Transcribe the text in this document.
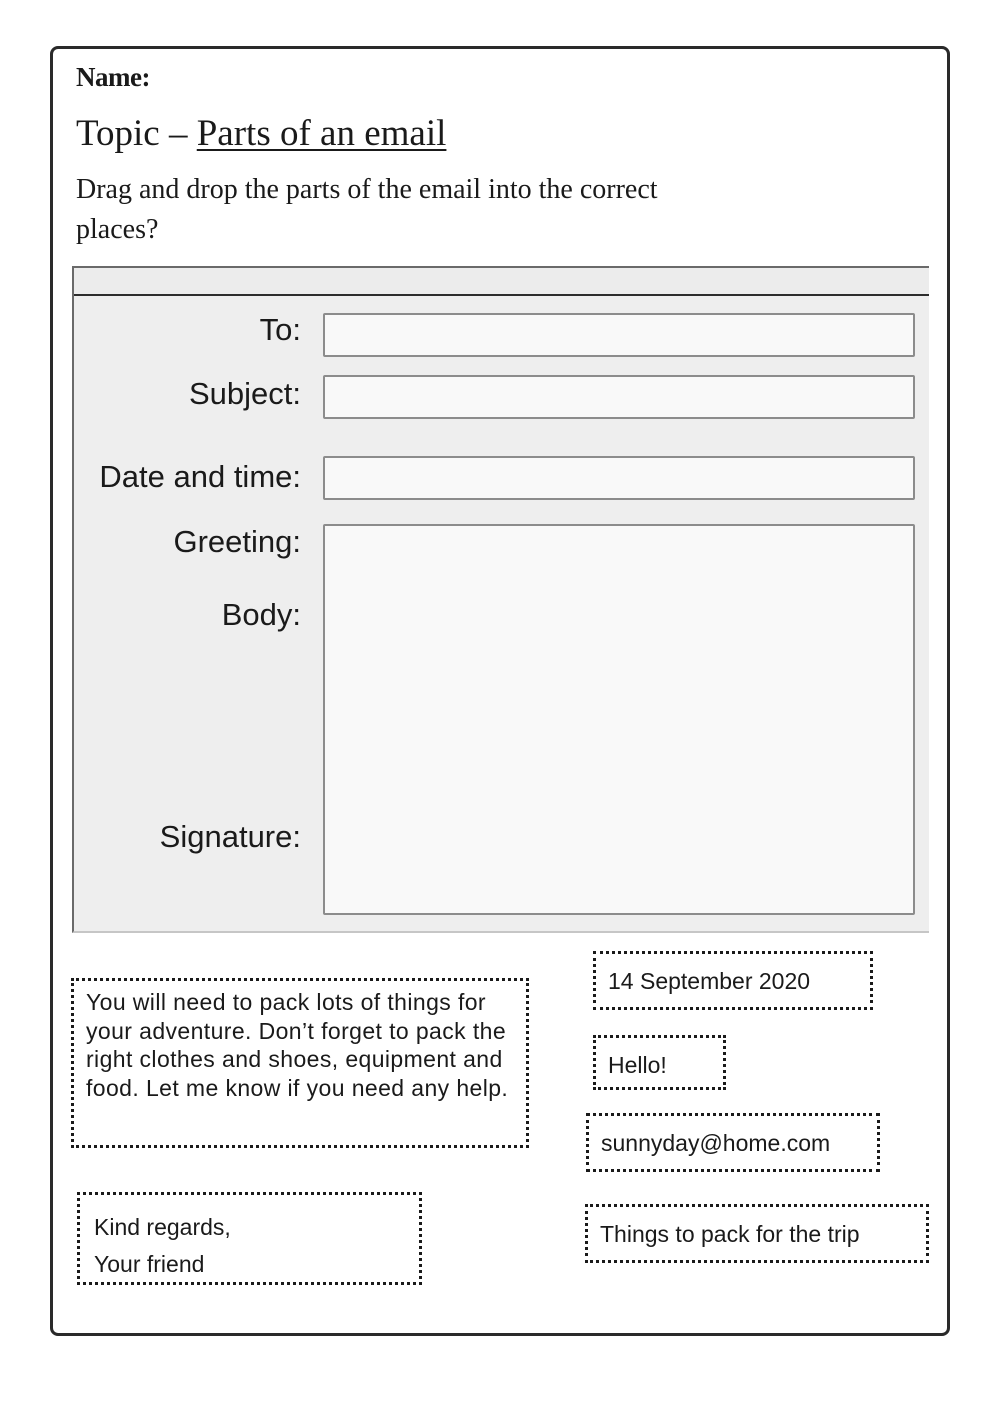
Name:
Topic – Parts of an email
Drag and drop the parts of the email into the correct places?
To:
Subject:
Date and time:
Greeting:
Body:
Signature:
You will need to pack lots of things for your adventure. Don’t forget to pack the right clothes and shoes, equipment and food. Let me know if you need any help.
Kind regards,
Your friend
14 September 2020
Hello!
sunnyday@home.com
Things to pack for the trip
